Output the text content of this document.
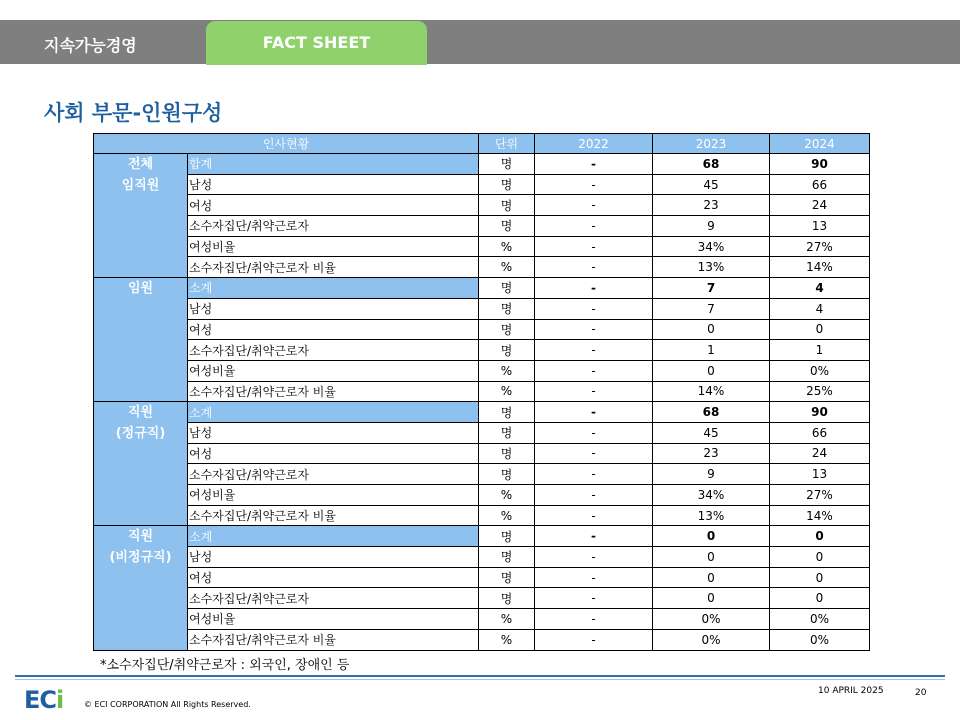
지속가능경영	FACT SHEET
사회 부문-인원구성
인사현황		단위	2022	2023	2024

전체
임직원	합계	명	-	68	90
	남성	명	-	45	66
	여성	명	-	23	24
	소수자집단/취약근로자	명	-	9	13
	여성비율	%	-	34%	27%
	소수자집단/취약근로자 비율	%	-	13%	14%

임원	소계	명	-	7	4
	남성	명	-	7	4
	여성	명	-	0	0
	소수자집단/취약근로자	명	-	1	1
	여성비율	%	-	0	0%
	소수자집단/취약근로자 비율	%	-	14%	25%

직원
(정규직)	소계	명	-	68	90
	남성	명	-	45	66
	여성	명	-	23	24
	소수자집단/취약근로자	명	-	9	13
	여성비율	%	-	34%	27%
	소수자집단/취약근로자 비율	%	-	13%	14%

직원
(비정규직)	소계	명	-	0	0
	남성	명	-	0	0
	여성	명	-	0	0
	소수자집단/취약근로자	명	-	0	0
	여성비율	%	-	0%	0%
	소수자집단/취약근로자 비율	%	-	0%	0%
*소수자집단/취약근로자 : 외국인, 장애인 등
ECi	© ECI CORPORATION All Rights Reserved.
10 APRIL 2025	20
